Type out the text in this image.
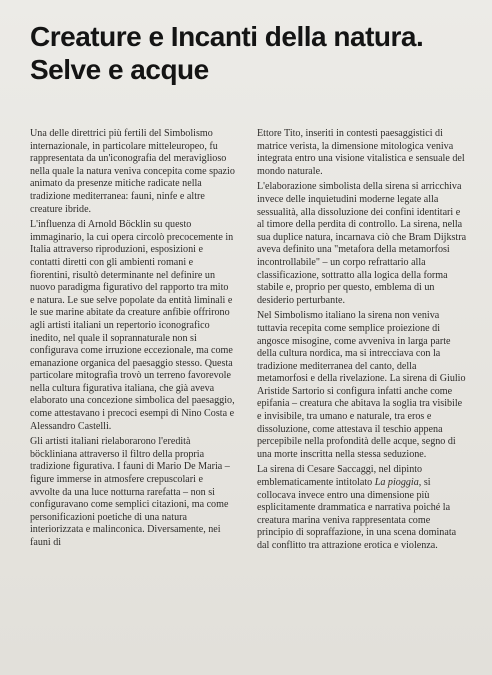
Creature e Incanti della natura. Selve e acque

Una delle direttrici più fertili del Simbolismo internazionale, in particolare mitteleuropeo, fu rappresentata da un'iconografia del meraviglioso nella quale la natura veniva concepita come spazio animato da presenze mitiche radicate nella tradizione mediterranea: fauni, ninfe e altre creature ibride.

L'influenza di Arnold Böcklin su questo immaginario, la cui opera circolò precocemente in Italia attraverso riproduzioni, esposizioni e contatti diretti con gli ambienti romani e fiorentini, risultò determinante nel definire un nuovo paradigma figurativo del rapporto tra mito e natura. Le sue selve popolate da entità liminali e le sue marine abitate da creature anfibie offrirono agli artisti italiani un repertorio iconografico inedito, nel quale il soprannaturale non si configurava come irruzione eccezionale, ma come emanazione organica del paesaggio stesso. Questa particolare mitografia trovò un terreno favorevole nella cultura figurativa italiana, che già aveva elaborato una concezione simbolica del paesaggio, come attestavano i precoci esempi di Nino Costa e Alessandro Castelli.

Gli artisti italiani rielaborarono l'eredità böckliniana attraverso il filtro della propria tradizione figurativa. I fauni di Mario De Maria – figure immerse in atmosfere crepuscolari e avvolte da una luce notturna rarefatta – non si configuravano come semplici citazioni, ma come personificazioni poetiche di una natura interiorizzata e malinconica. Diversamente, nei fauni di

Ettore Tito, inseriti in contesti paesaggistici di matrice verista, la dimensione mitologica veniva integrata entro una visione vitalistica e sensuale del mondo naturale.

L'elaborazione simbolista della sirena si arricchiva invece delle inquietudini moderne legate alla sessualità, alla dissoluzione dei confini identitari e al timore della perdita di controllo. La sirena, nella sua duplice natura, incarnava ciò che Bram Dijkstra aveva definito una "metafora della metamorfosi incontrollabile" – un corpo refrattario alla classificazione, sottratto alla logica della forma stabile e, proprio per questo, emblema di un desiderio perturbante.

Nel Simbolismo italiano la sirena non veniva tuttavia recepita come semplice proiezione di angosce misogine, come avveniva in larga parte della cultura nordica, ma si intrecciava con la tradizione mediterranea del canto, della metamorfosi e della rivelazione. La sirena di Giulio Aristide Sartorio si configura infatti anche come epifania – creatura che abitava la soglia tra visibile e invisibile, tra umano e naturale, tra eros e dissoluzione, come attestava il teschio appena percepibile nella profondità delle acque, segno di una morte inscritta nella stessa seduzione.

La sirena di Cesare Saccaggi, nel dipinto emblematicamente intitolato La pioggia, si collocava invece entro una dimensione più esplicitamente drammatica e narrativa poiché la creatura marina veniva rappresentata come principio di sopraffazione, in una scena dominata dal conflitto tra attrazione erotica e violenza.
